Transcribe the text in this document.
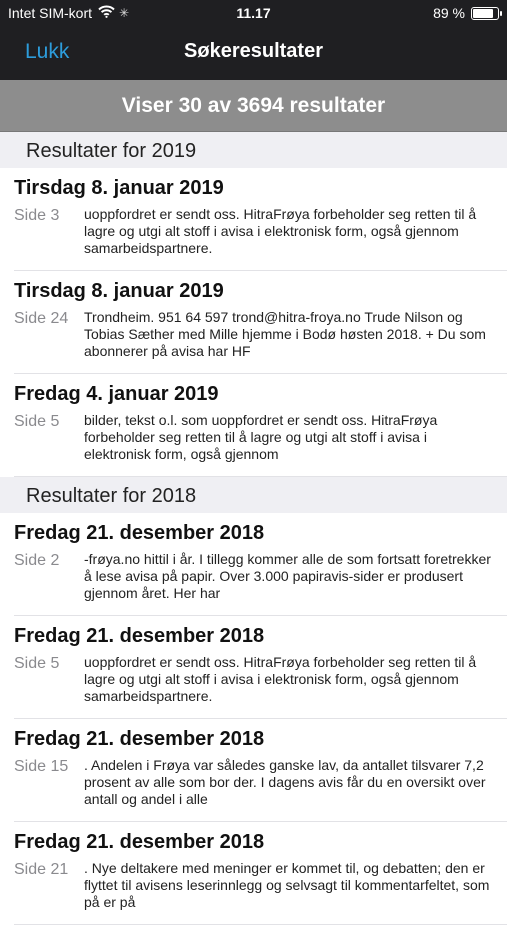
Intet SIM-kort ✳	11.17	89 %
Lukk	Søkeresultater
Viser 30 av 3694 resultater
Resultater for 2019
Tirsdag 8. januar 2019
Side 3	uoppfordret er sendt oss. HitraFrøya forbeholder seg retten til å lagre og utgi alt stoff i avisa i elektronisk form, også gjennom samarbeidspartnere.
Tirsdag 8. januar 2019
Side 24	Trondheim. 951 64 597 trond@hitra-froya.no Trude Nilson og Tobias Sæther med Mille hjemme i Bodø høsten 2018. + Du som abonnerer på avisa har HF
Fredag 4. januar 2019
Side 5	bilder, tekst o.l. som uoppfordret er sendt oss. HitraFrøya forbeholder seg retten til å lagre og utgi alt stoff i avisa i elektronisk form, også gjennom
Resultater for 2018
Fredag 21. desember 2018
Side 2	-frøya.no hittil i år. I tillegg kommer alle de som fortsatt foretrekker å lese avisa på papir. Over 3.000 papiravis-sider er produsert gjennom året. Her har
Fredag 21. desember 2018
Side 5	uoppfordret er sendt oss. HitraFrøya forbeholder seg retten til å lagre og utgi alt stoff i avisa i elektronisk form, også gjennom samarbeidspartnere.
Fredag 21. desember 2018
Side 15	. Andelen i Frøya var således ganske lav, da antallet tilsvarer 7,2 prosent av alle som bor der. I dagens avis får du en oversikt over antall og andel i alle
Fredag 21. desember 2018
Side 21	. Nye deltakere med meninger er kommet til, og debatten; den er flyttet til avisens leserinnlegg og selvsagt til kommentarfeltet, som på er på
